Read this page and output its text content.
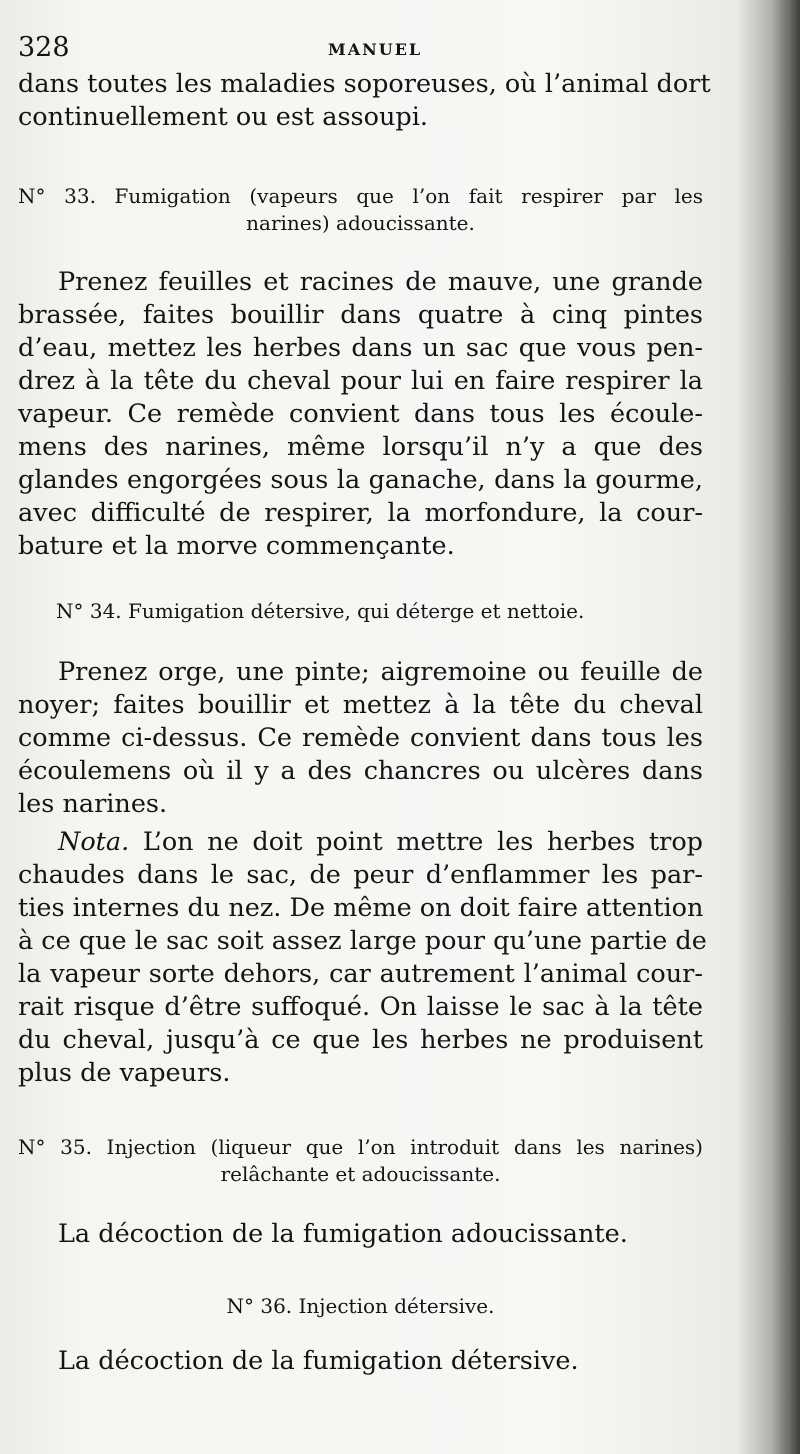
328	MANUEL
dans toutes les maladies soporeuses, où l’animal dort
continuellement ou est assoupi.
N° 33. Fumigation (vapeurs que l’on fait respirer par les
narines) adoucissante.
Prenez feuilles et racines de mauve, une grande
brassée, faites bouillir dans quatre à cinq pintes
d’eau, mettez les herbes dans un sac que vous pen-
drez à la tête du cheval pour lui en faire respirer la
vapeur. Ce remède convient dans tous les écoule-
mens des narines, même lorsqu’il n’y a que des
glandes engorgées sous la ganache, dans la gourme,
avec difficulté de respirer, la morfondure, la cour-
bature et la morve commençante.
N° 34. Fumigation détersive, qui déterge et nettoie.
Prenez orge, une pinte; aigremoine ou feuille de
noyer; faites bouillir et mettez à la tête du cheval
comme ci-dessus. Ce remède convient dans tous les
écoulemens où il y a des chancres ou ulcères dans
les narines.
Nota. L’on ne doit point mettre les herbes trop
chaudes dans le sac, de peur d’enflammer les par-
ties internes du nez. De même on doit faire attention
à ce que le sac soit assez large pour qu’une partie de
la vapeur sorte dehors, car autrement l’animal cour-
rait risque d’être suffoqué. On laisse le sac à la tête
du cheval, jusqu’à ce que les herbes ne produisent
plus de vapeurs.
N° 35. Injection (liqueur que l’on introduit dans les narines)
relâchante et adoucissante.
La décoction de la fumigation adoucissante.
N° 36. Injection détersive.
La décoction de la fumigation détersive.
